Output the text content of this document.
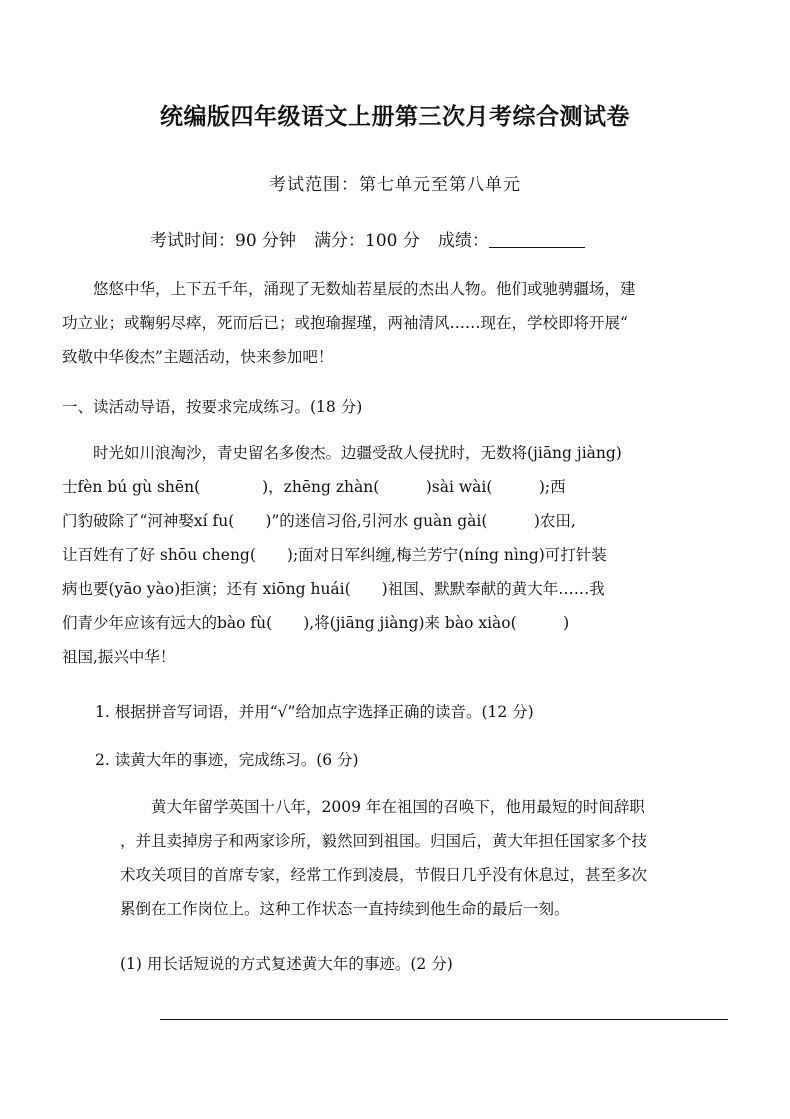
统编版四年级语文上册第三次月考综合测试卷
考试范围：第七单元至第八单元
考试时间：90 分钟 满分：100 分 成绩：
　　悠悠中华，上下五千年，涌现了无数灿若星辰的杰出人物。他们或驰骋疆场，建
功立业；或鞠躬尽瘁，死而后已；或抱瑜握瑾，两袖清风……现在，学校即将开展“
致敬中华俊杰”主题活动，快来参加吧！
一、读活动导语，按要求完成练习。(18 分)
　　时光如川浪淘沙，青史留名多俊杰。边疆受敌人侵扰时，无数将(jiāng jiàng)
士fèn bú gù shēn(　　　　)，zhēng zhàn(　　　)sài wài(　　　);西
门豹破除了“河神娶xí fu(　　)”的迷信习俗,引河水 guàn gài(　　　)农田,
让百姓有了好 shōu cheng(　　);面对日军纠缠,梅兰芳宁(níng nìng)可打针装
病也要(yāo yào)拒演；还有 xiōng huái(　　)祖国、默默奉献的黄大年……我
们青少年应该有远大的bào fù(　　),将(jiāng jiàng)来 bào xiào(　　　)
祖国,振兴中华！
1. 根据拼音写词语，并用“√”给加点字选择正确的读音。(12 分)
2. 读黄大年的事迹，完成练习。(6 分)
　　黄大年留学英国十八年，2009 年在祖国的召唤下，他用最短的时间辞职
，并且卖掉房子和两家诊所，毅然回到祖国。归国后，黄大年担任国家多个技
术攻关项目的首席专家，经常工作到凌晨，节假日几乎没有休息过，甚至多次
累倒在工作岗位上。这种工作状态一直持续到他生命的最后一刻。
(1) 用长话短说的方式复述黄大年的事迹。(2 分)
